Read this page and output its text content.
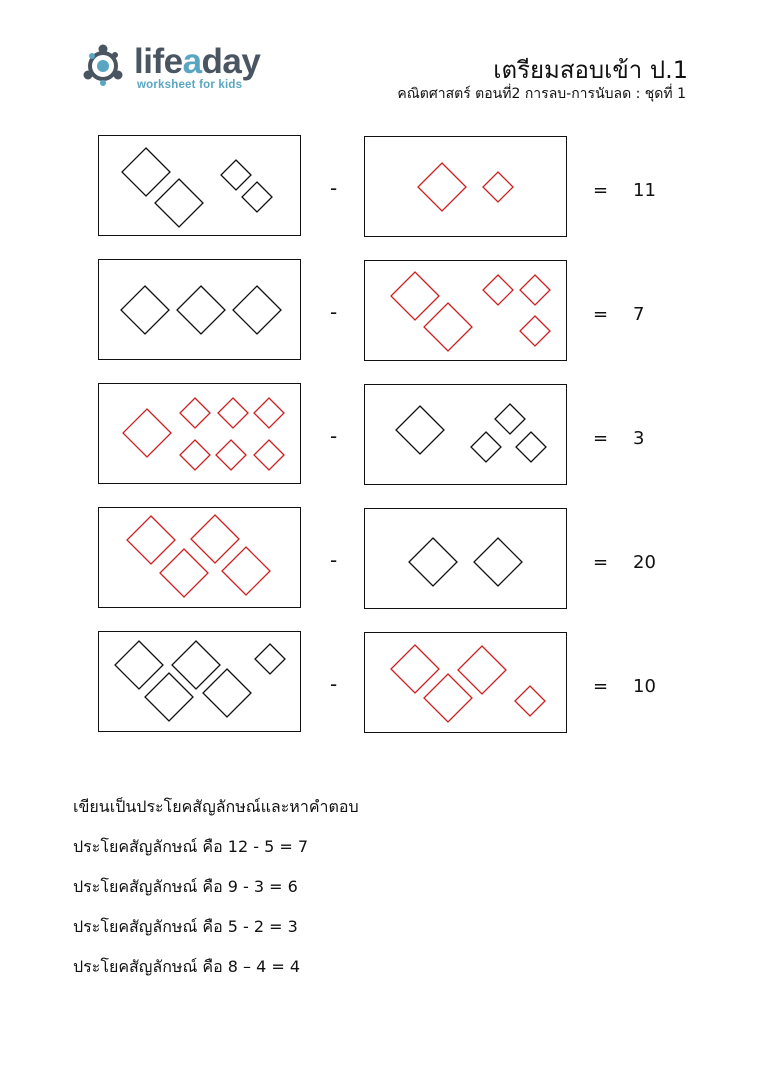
lifeaday
worksheet for kids
เตรียมสอบเข้า ป.1
คณิตศาสตร์ ตอนที่2 การลบ-การนับลด : ชุดที่ 1
-	= 11
-	= 7
-	= 3
-	= 20
-	= 10
เขียนเป็นประโยคสัญลักษณ์และหาคำตอบ
ประโยคสัญลักษณ์ คือ 12 - 5 = 7
ประโยคสัญลักษณ์ คือ 9 - 3 = 6
ประโยคสัญลักษณ์ คือ 5 - 2 = 3
ประโยคสัญลักษณ์ คือ 8 – 4 = 4
